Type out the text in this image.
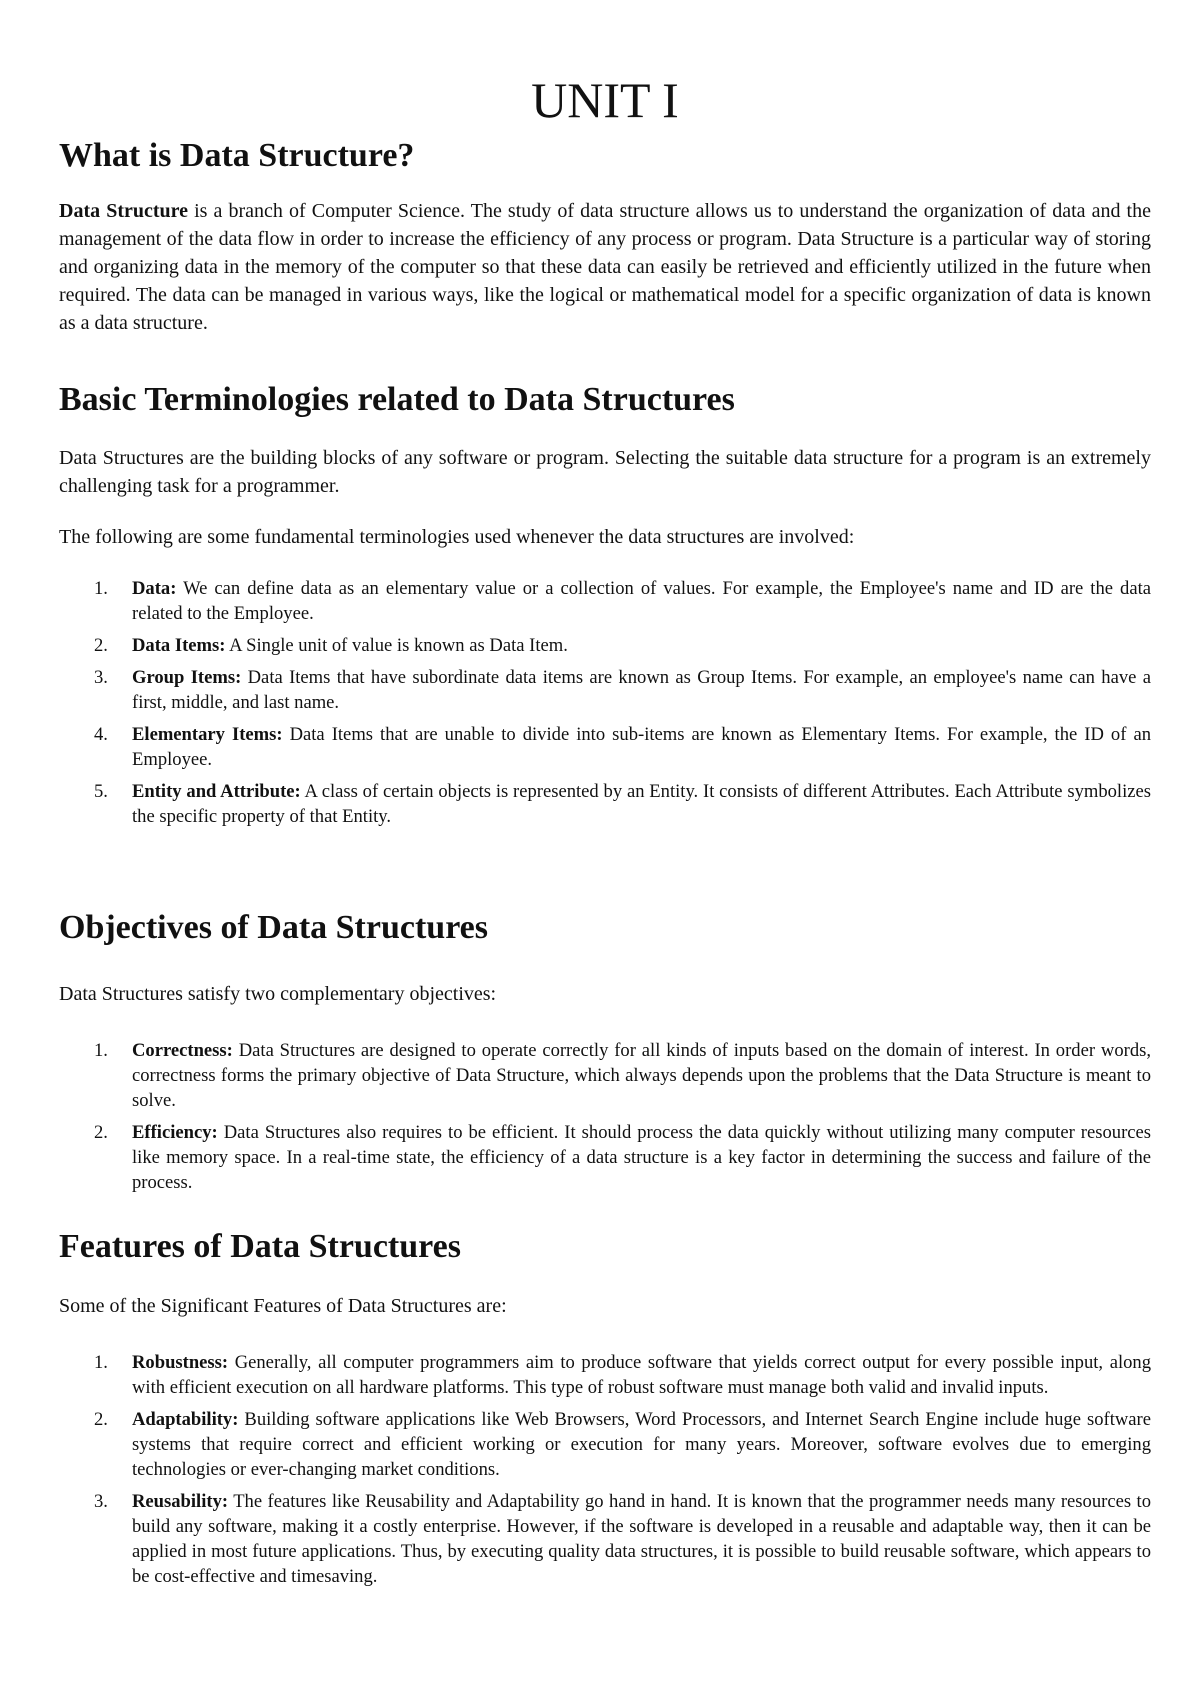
UNIT I
What is Data Structure?

Data Structure is a branch of Computer Science. The study of data structure allows us to understand the organization of data and the management of the data flow in order to increase the efficiency of any process or program. Data Structure is a particular way of storing and organizing data in the memory of the computer so that these data can easily be retrieved and efficiently utilized in the future when required. The data can be managed in various ways, like the logical or mathematical model for a specific organization of data is known as a data structure.

Basic Terminologies related to Data Structures

Data Structures are the building blocks of any software or program. Selecting the suitable data structure for a program is an extremely challenging task for a programmer.

The following are some fundamental terminologies used whenever the data structures are involved:

1. Data: We can define data as an elementary value or a collection of values. For example, the Employee's name and ID are the data related to the Employee.
2. Data Items: A Single unit of value is known as Data Item.
3. Group Items: Data Items that have subordinate data items are known as Group Items. For example, an employee's name can have a first, middle, and last name.
4. Elementary Items: Data Items that are unable to divide into sub-items are known as Elementary Items. For example, the ID of an Employee.
5. Entity and Attribute: A class of certain objects is represented by an Entity. It consists of different Attributes. Each Attribute symbolizes the specific property of that Entity.
Objectives of Data Structures

Data Structures satisfy two complementary objectives:

1. Correctness: Data Structures are designed to operate correctly for all kinds of inputs based on the domain of interest. In order words, correctness forms the primary objective of Data Structure, which always depends upon the problems that the Data Structure is meant to solve.
2. Efficiency: Data Structures also requires to be efficient. It should process the data quickly without utilizing many computer resources like memory space. In a real-time state, the efficiency of a data structure is a key factor in determining the success and failure of the process.
Features of Data Structures

Some of the Significant Features of Data Structures are:

1. Robustness: Generally, all computer programmers aim to produce software that yields correct output for every possible input, along with efficient execution on all hardware platforms. This type of robust software must manage both valid and invalid inputs.
2. Adaptability: Building software applications like Web Browsers, Word Processors, and Internet Search Engine include huge software systems that require correct and efficient working or execution for many years. Moreover, software evolves due to emerging technologies or ever-changing market conditions.
3. Reusability: The features like Reusability and Adaptability go hand in hand. It is known that the programmer needs many resources to build any software, making it a costly enterprise. However, if the software is developed in a reusable and adaptable way, then it can be applied in most future applications. Thus, by executing quality data structures, it is possible to build reusable software, which appears to be cost-effective and timesaving.
